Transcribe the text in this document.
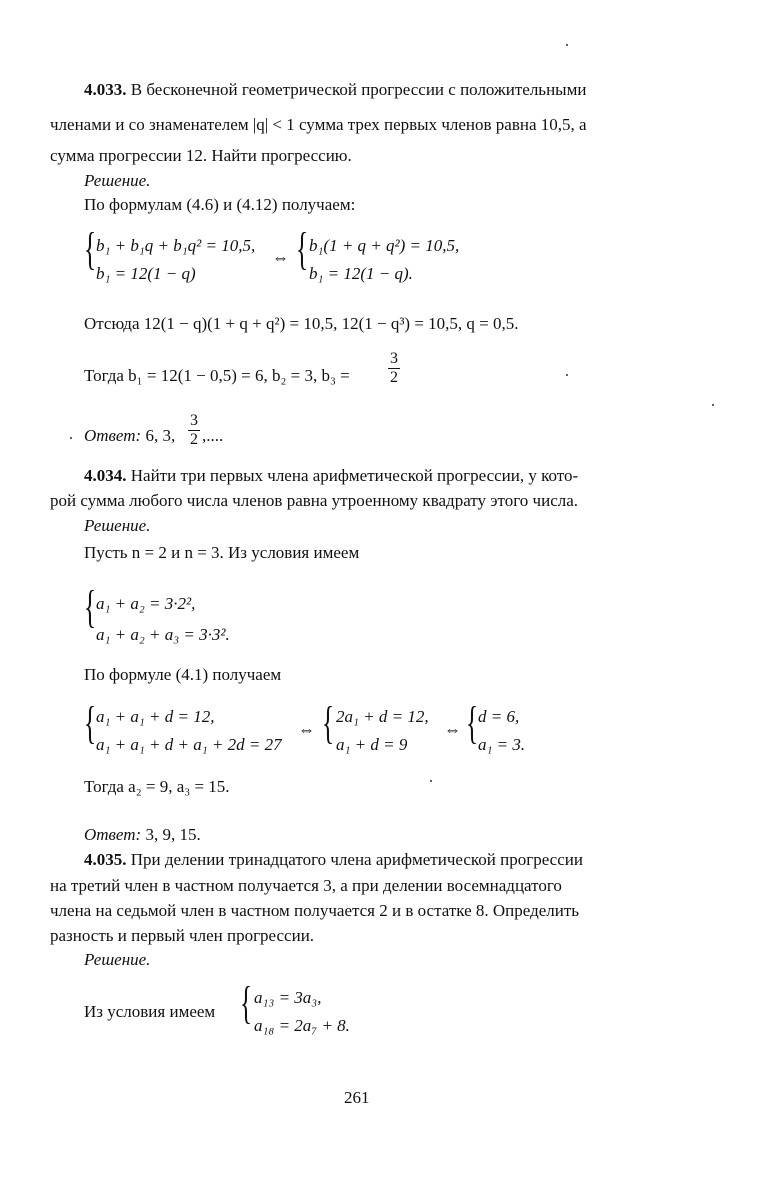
4.033. В бесконечной геометрической прогрессии с положительными
членами и со знаменателем |q| < 1 сумма трех первых членов равна 10,5, а
сумма прогрессии 12. Найти прогрессию.
Решение.
По формулам (4.6) и (4.12) получаем:
{ b₁ + b₁q + b₁q² = 10,5,
b₁ = 12(1 − q)
⇔ { b₁(1 + q + q²) = 10,5,
b₁ = 12(1 − q).
Отсюда 12(1 − q)(1 + q + q²) = 10,5, 12(1 − q³) = 10,5, q = 0,5.
Тогда b₁ = 12(1 − 0,5) = 6, b₂ = 3, b₃ =
3
2
Ответ: 6, 3,
3
2 ,....
4.034. Найти три первых члена арифметической прогрессии, у кото-
рой сумма любого числа членов равна утроенному квадрату этого числа.
Решение.
Пусть n = 2 и n = 3. Из условия имеем
{ a₁ + a₂ = 3·2²,
a₁ + a₂ + a₃ = 3·3².
По формуле (4.1) получаем
{ a₁ + a₁ + d = 12,
a₁ + a₁ + d + a₁ + 2d = 27
⇔ { 2a₁ + d = 12,
a₁ + d = 9
⇔ { d = 6,
a₁ = 3.
Тогда a₂ = 9, a₃ = 15.
Ответ: 3, 9, 15.
4.035. При делении тринадцатого члена арифметической прогрессии
на третий член в частном получается 3, а при делении восемнадцатого
члена на седьмой член в частном получается 2 и в остатке 8. Определить
разность и первый член прогрессии.
Решение.
Из условия имеем { a₁₃ = 3a₃,
a₁₈ = 2a₇ + 8.
261
